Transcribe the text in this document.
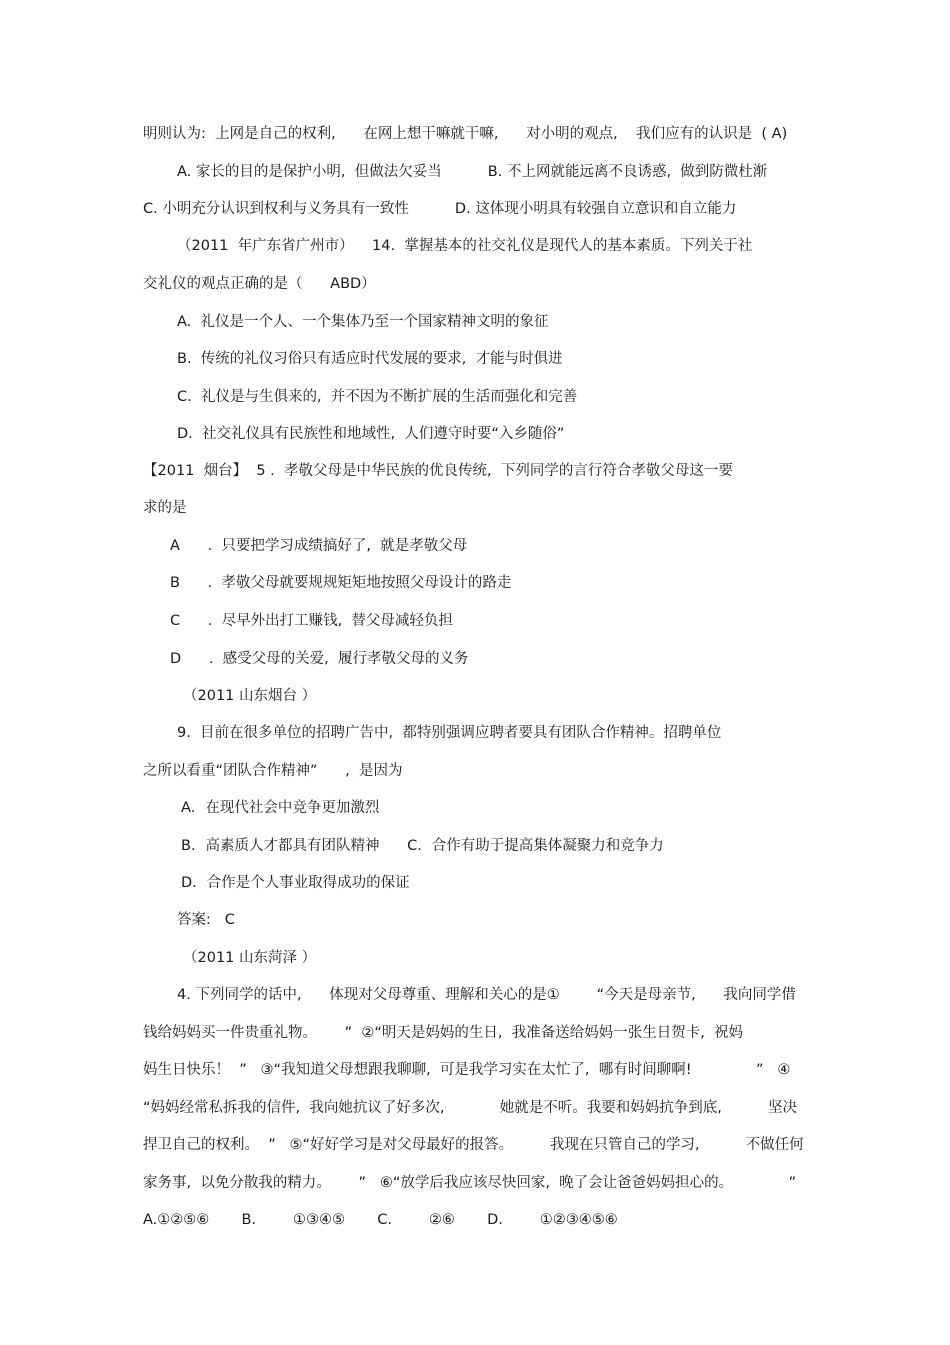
明则认为:  上网是自己的权利,      在网上想干嘛就干嘛,      对小明的观点,    我们应有的认识是  ( A)
A. 家长的目的是保护小明,  但做法欠妥当          B. 不上网就能远离不良诱惑,  做到防微杜渐
C. 小明充分认识到权利与义务具有一致性          D. 这体现小明具有较强自立意识和自立能力
（2011  年广东省广州市）    14.  掌握基本的社交礼仪是现代人的基本素质。下列关于社
交礼仪的观点正确的是（      ABD）
A.  礼仪是一个人、一个集体乃至一个国家精神文明的象征
B.  传统的礼仪习俗只有适应时代发展的要求,  才能与时俱进
C.  礼仪是与生俱来的,  并不因为不断扩展的生活而强化和完善
D.  社交礼仪具有民族性和地域性,  人们遵守时要“入乡随俗”
【2011  烟台】  5 .  孝敬父母是中华民族的优良传统,  下列同学的言行符合孝敬父母这一要
求的是
A      .  只要把学习成绩搞好了,  就是孝敬父母
B      .  孝敬父母就要规规矩矩地按照父母设计的路走
C      .  尽早外出打工赚钱,  替父母减轻负担
D      .  感受父母的关爱,  履行孝敬父母的义务
（2011 山东烟台 ）
9.  目前在很多单位的招聘广告中,  都特别强调应聘者要具有团队合作精神。招聘单位
之所以看重“团队合作精神”      ,  是因为
A．在现代社会中竞争更加激烈
B．高素质人才都具有团队精神      C．合作有助于提高集体凝聚力和竞争力
D．合作是个人事业取得成功的保证
答案:   C
（2011 山东菏泽 ）
4. 下列同学的话中,      体现对父母尊重、理解和关心的是①        “今天是母亲节,      我向同学借
钱给妈妈买一件贵重礼物。      ”  ②“明天是妈妈的生日,  我准备送给妈妈一张生日贺卡,  祝妈
妈生日快乐！  ”   ③“我知道父母想跟我聊聊,  可是我学习实在太忙了,  哪有时间聊啊!              ”   ④
“妈妈经常私拆我的信件,  我向她抗议了好多次,            她就是不听。我要和妈妈抗争到底,          坚决
捍卫自己的权利。  ”   ⑤“好好学习是对父母最好的报答。        我现在只管自己的学习,          不做任何
家务事,  以免分散我的精力。      ”   ⑥“放学后我应该尽快回家,  晚了会让爸爸妈妈担心的。            ”
A.①②⑤⑥       B.        ①③④⑤       C.        ②⑥       D.        ①②③④⑤⑥
